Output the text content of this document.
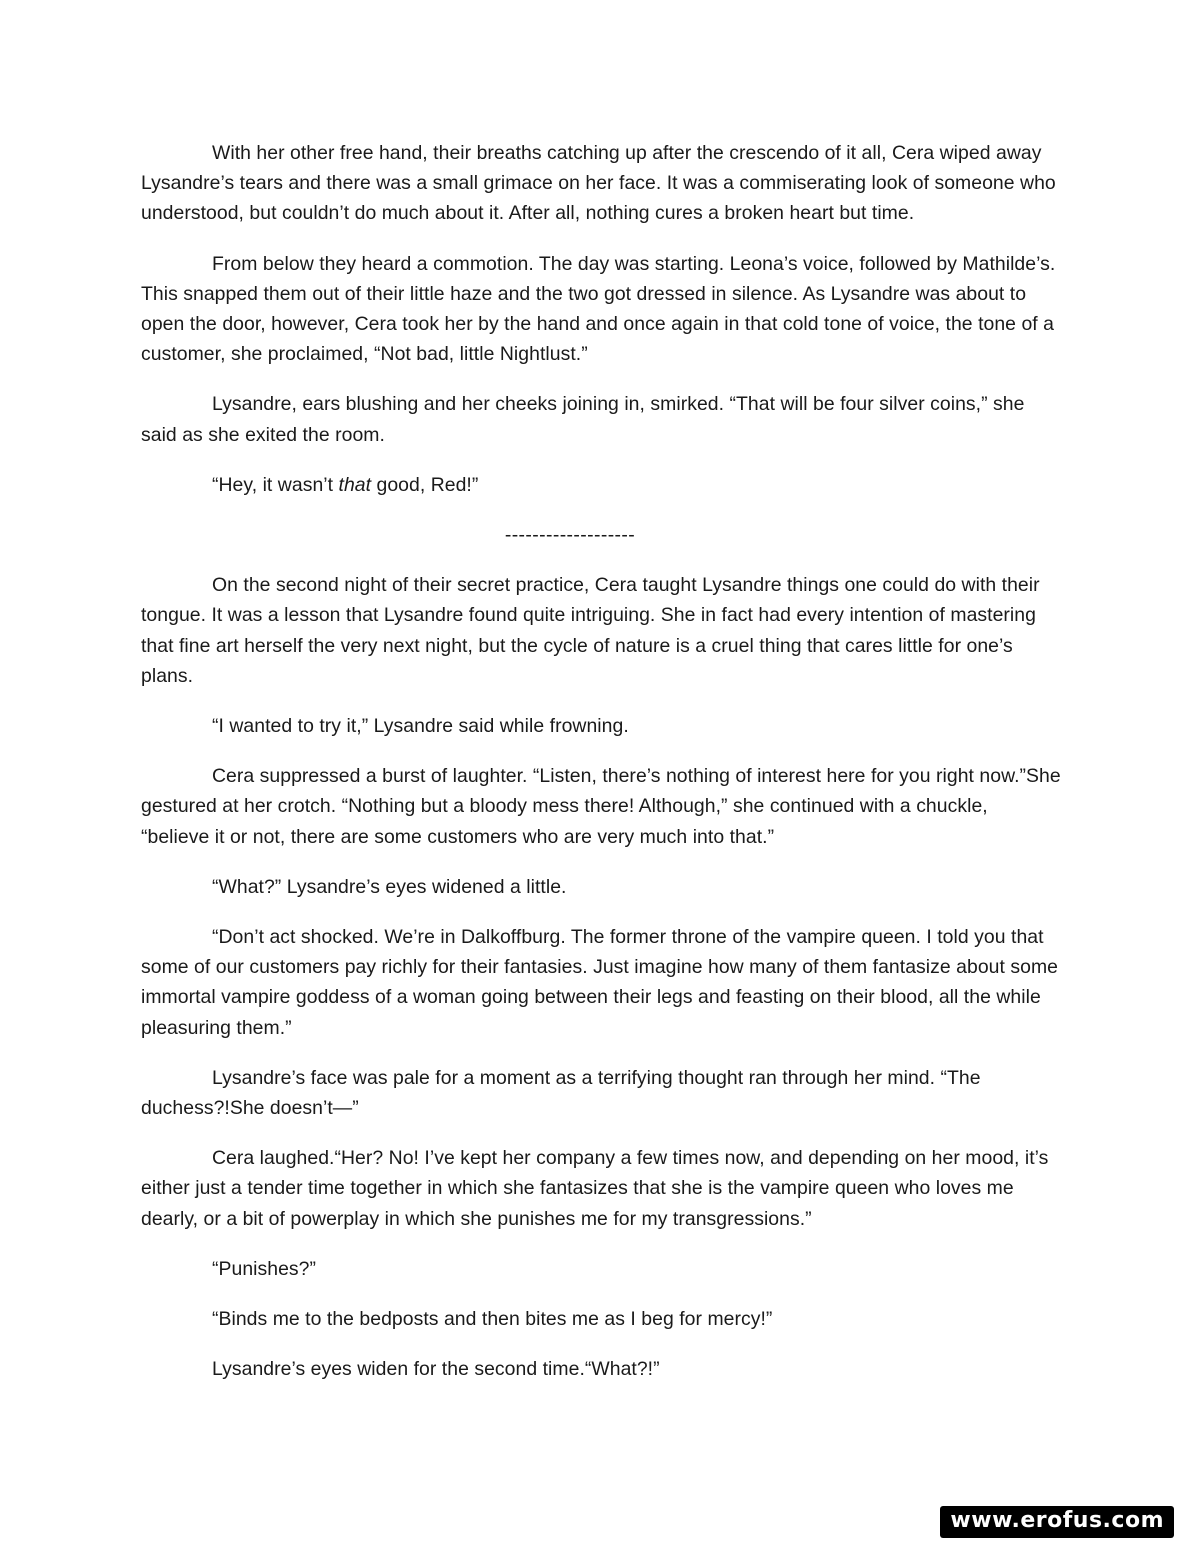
With her other free hand, their breaths catching up after the crescendo of it all, Cera wiped away Lysandre’s tears and there was a small grimace on her face. It was a commiserating look of someone who understood, but couldn’t do much about it. After all, nothing cures a broken heart but time.

From below they heard a commotion. The day was starting. Leona’s voice, followed by Mathilde’s. This snapped them out of their little haze and the two got dressed in silence. As Lysandre was about to open the door, however, Cera took her by the hand and once again in that cold tone of voice, the tone of a customer, she proclaimed, “Not bad, little Nightlust.”

Lysandre, ears blushing and her cheeks joining in, smirked. “That will be four silver coins,” she said as she exited the room.

“Hey, it wasn’t that good, Red!”

-------------------

On the second night of their secret practice, Cera taught Lysandre things one could do with their tongue. It was a lesson that Lysandre found quite intriguing. She in fact had every intention of mastering that fine art herself the very next night, but the cycle of nature is a cruel thing that cares little for one’s plans.

“I wanted to try it,” Lysandre said while frowning.

Cera suppressed a burst of laughter. “Listen, there’s nothing of interest here for you right now.”She gestured at her crotch. “Nothing but a bloody mess there! Although,” she continued with a chuckle, “believe it or not, there are some customers who are very much into that.”

“What?” Lysandre’s eyes widened a little.

“Don’t act shocked. We’re in Dalkoffburg. The former throne of the vampire queen. I told you that some of our customers pay richly for their fantasies. Just imagine how many of them fantasize about some immortal vampire goddess of a woman going between their legs and feasting on their blood, all the while pleasuring them.”

Lysandre’s face was pale for a moment as a terrifying thought ran through her mind. “The duchess?!She doesn’t—”

Cera laughed.“Her? No! I’ve kept her company a few times now, and depending on her mood, it’s either just a tender time together in which she fantasizes that she is the vampire queen who loves me dearly, or a bit of powerplay in which she punishes me for my transgressions.”

“Punishes?”

“Binds me to the bedposts and then bites me as I beg for mercy!”

Lysandre’s eyes widen for the second time.“What?!”

www.erofus.com
